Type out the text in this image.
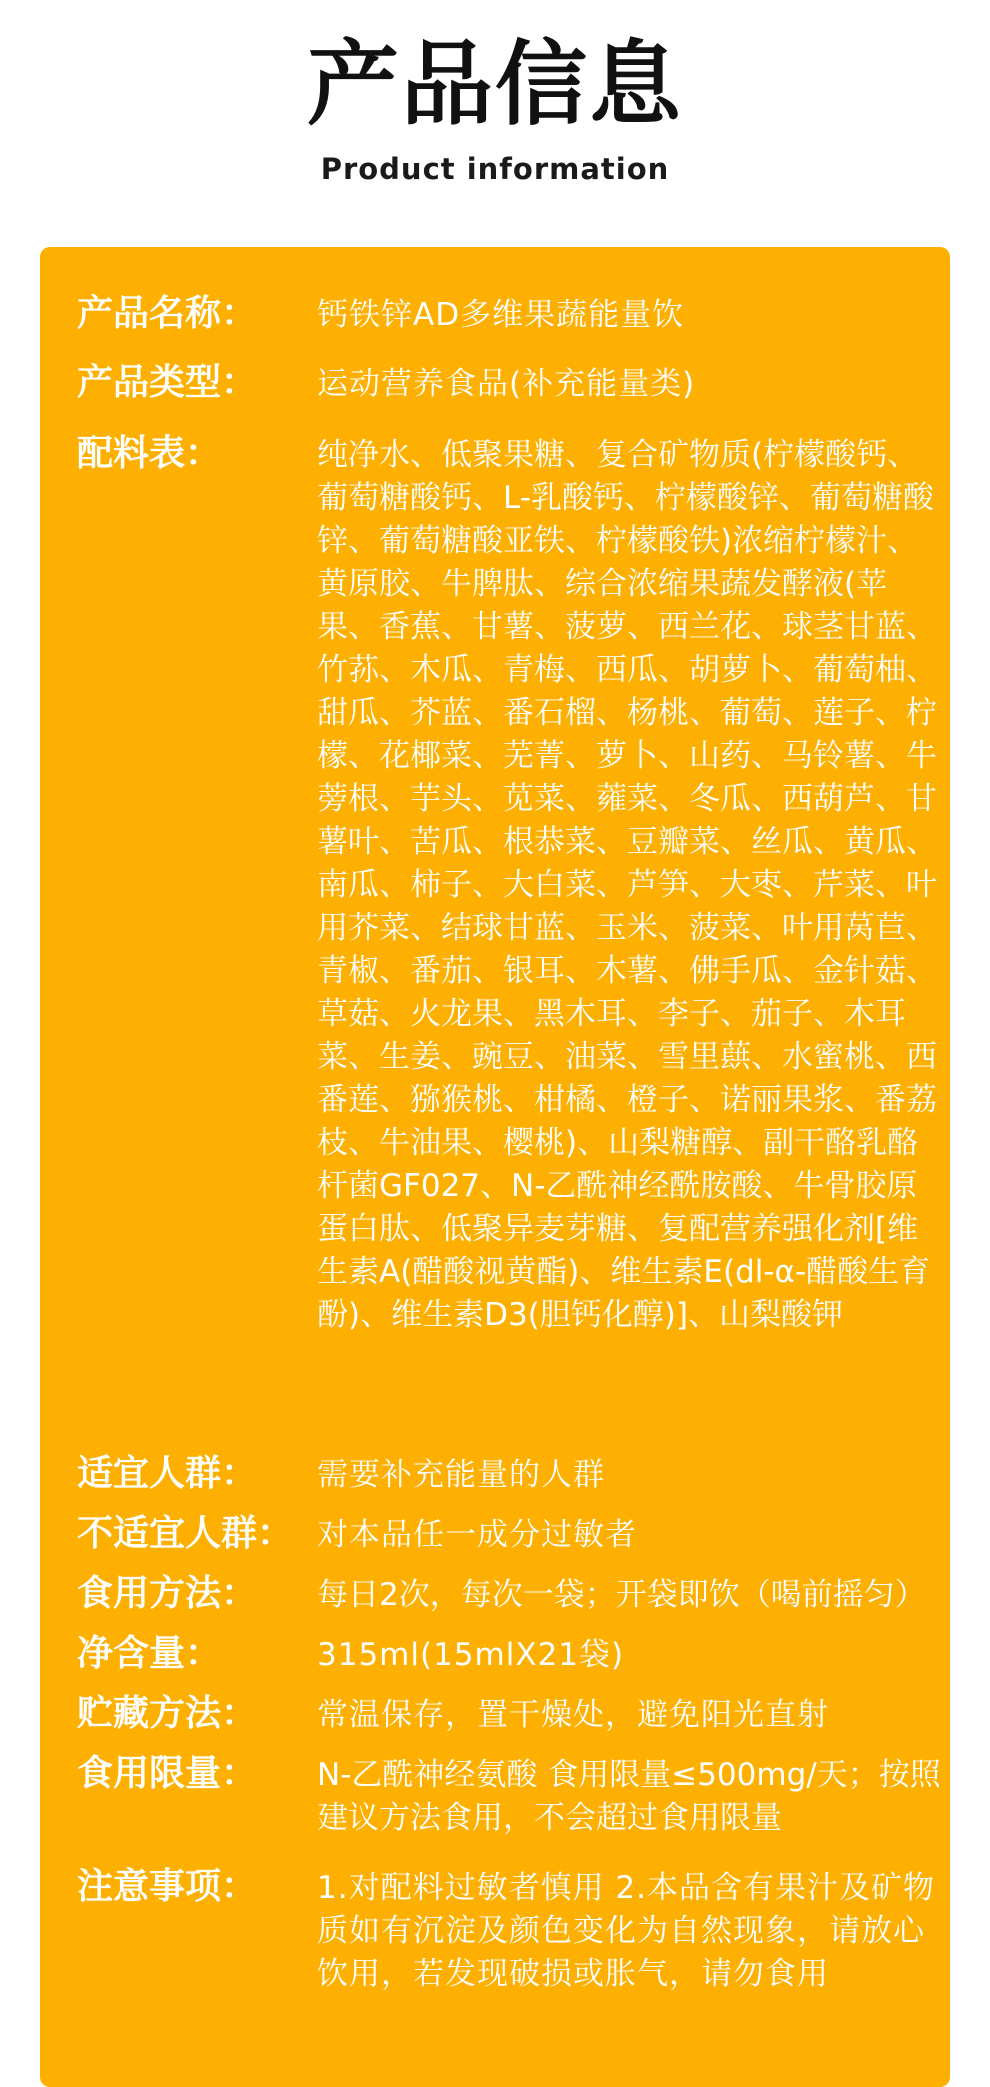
产品信息
Product information
产品名称： 钙铁锌AD多维果蔬能量饮
产品类型： 运动营养食品(补充能量类)
配料表：	纯净水、低聚果糖、复合矿物质(柠檬酸钙、葡萄糖酸钙、L-乳酸钙、柠檬酸锌、葡萄糖酸锌、葡萄糖酸亚铁、柠檬酸铁)浓缩柠檬汁、黄原胶、牛脾肽、综合浓缩果蔬发酵液(苹果、香蕉、甘薯、菠萝、西兰花、球茎甘蓝、竹荪、木瓜、青梅、西瓜、胡萝卜、葡萄柚、甜瓜、芥蓝、番石榴、杨桃、葡萄、莲子、柠檬、花椰菜、芜菁、萝卜、山药、马铃薯、牛蒡根、芋头、苋菜、蕹菜、冬瓜、西葫芦、甘薯叶、苦瓜、根恭菜、豆瓣菜、丝瓜、黄瓜、南瓜、柿子、大白菜、芦笋、大枣、芹菜、叶用芥菜、结球甘蓝、玉米、菠菜、叶用莴苣、青椒、番茄、银耳、木薯、佛手瓜、金针菇、草菇、火龙果、黑木耳、李子、茄子、木耳菜、生姜、豌豆、油菜、雪里蕻、水蜜桃、西番莲、猕猴桃、柑橘、橙子、诺丽果浆、番荔枝、牛油果、樱桃)、山梨糖醇、副干酪乳酪杆菌GF027、N-乙酰神经酰胺酸、牛骨胶原蛋白肽、低聚异麦芽糖、复配营养强化剂[维生素A(醋酸视黄酯)、维生素E(dl-α-醋酸生育酚)、维生素D3(胆钙化醇)]、山梨酸钾
适宜人群： 需要补充能量的人群
不适宜人群： 对本品任一成分过敏者
食用方法： 每日2次，每次一袋；开袋即饮（喝前摇匀）
净含量：	315ml(15mlX21袋)
贮藏方法： 常温保存，置干燥处，避免阳光直射
食用限量： N-乙酰神经氨酸 食用限量≤500mg/天；按照建议方法食用，不会超过食用限量
注意事项： 1.对配料过敏者慎用 2.本品含有果汁及矿物质如有沉淀及颜色变化为自然现象，请放心饮用，若发现破损或胀气，请勿食用
